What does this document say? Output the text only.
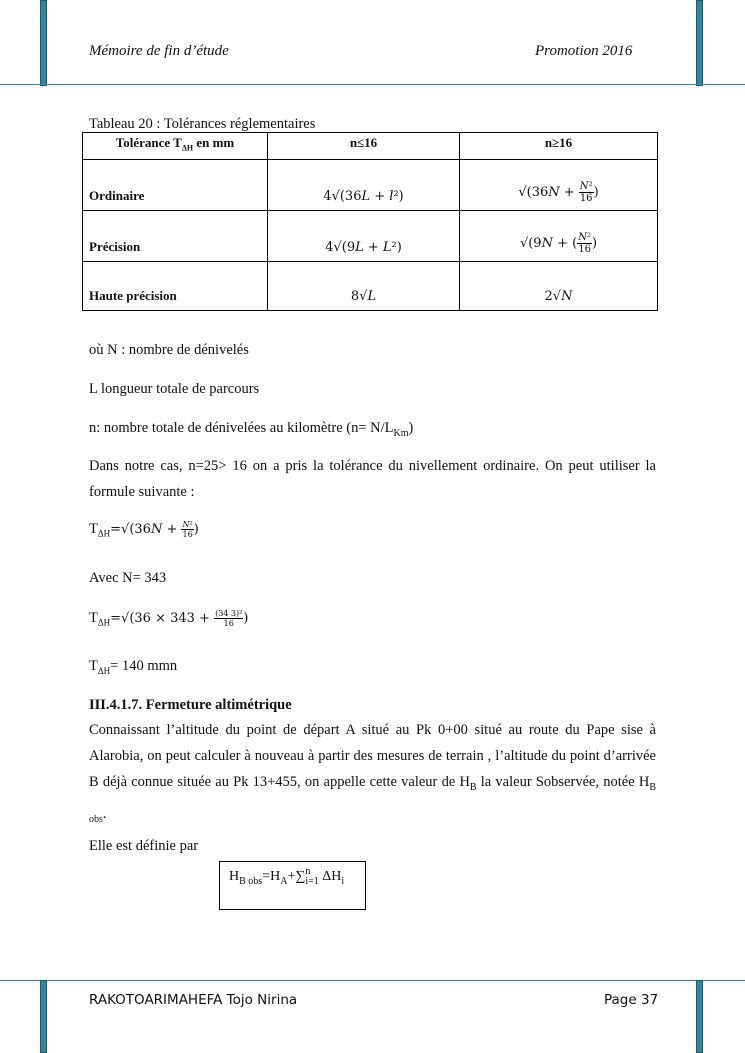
Mémoire de fin d’étude	Promotion 2016
Tableau 20 : Tolérances réglementaires
Tolérance $T_{\Delta H}$ en mm	n≤16	n≥16
Ordinaire	4√(36𝐿 + 𝑙²)	√(36𝑁 + $\frac{\text{𝑁²}}{16}$ )
Précision	4√(9𝐿 + 𝐿²)	√(9𝑁 + ( $\frac{\text{𝑁²}}{16}$ )
Haute précision	8√𝐿	2√𝑁
où N : nombre de dénivelés
L longueur totale de parcours
n: nombre totale de dénivelées au kilomètre $(n= N/L_{Km})$
Dans notre cas, n=25> 16 on a pris la tolérance du nivellement ordinaire. On peut utiliser la formule suivante :
$T_{\Delta H}=√(36𝑁 + \frac{\text{𝑁²}}{16}$ )
Avec N= 343
$T_{\Delta H}=√(36 \times 343 + \frac{\text{(34 3)²}}{16}$ )
$T_{\Delta H}= 140$ mmn
III.4.1.7. Fermeture altimétrique
Connaissant l’altitude du point de départ A situé au Pk 0+00 situé au route du Pape sise à Alarobia, on peut calculer à nouveau à partir des mesures de terrain , l’altitude du point d’arrivée B déjà connue située au Pk 13+455, on appelle cette valeur de $H_B$ la valeur Sobservée, notée $H_{B obs}$.
Elle est définie par
$H_{B obs}=H_A+\sum$ n
i=1 $\Delta H_i$
RAKOTOARIMAHEFA Tojo Nirina	Page 37
